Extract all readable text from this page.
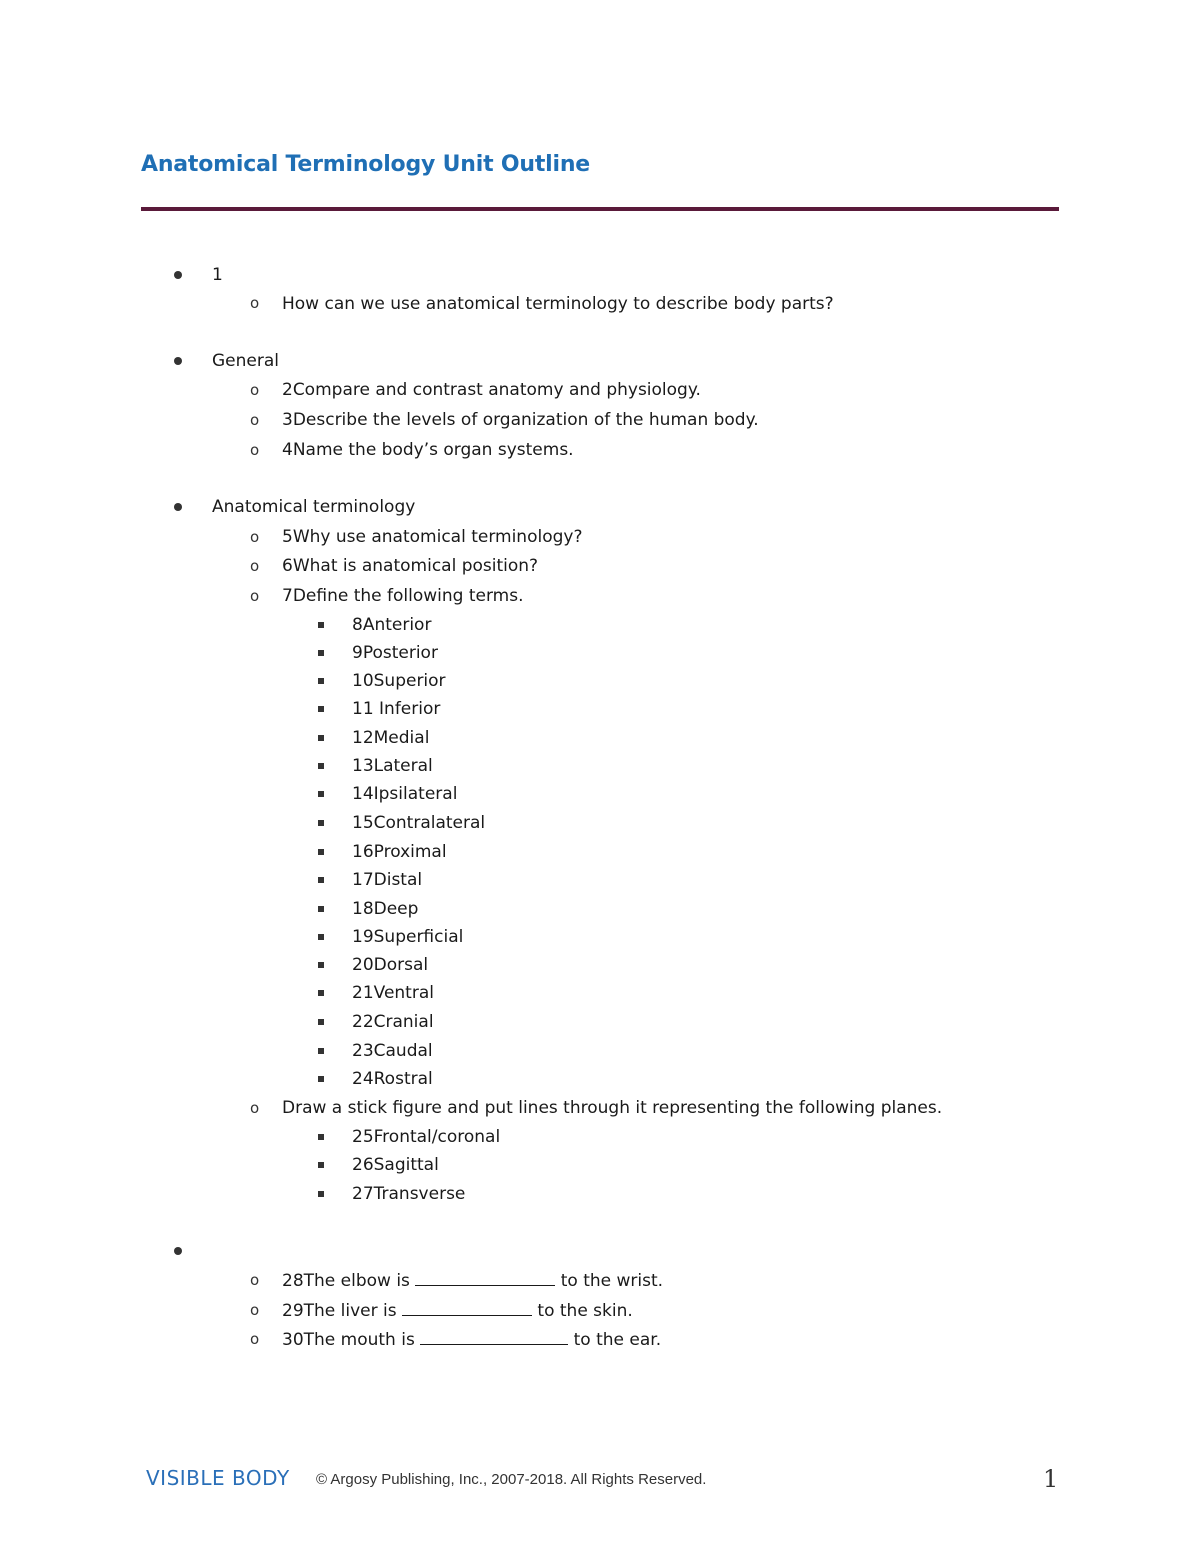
Anatomical Terminology Unit Outline
1
o How can we use anatomical terminology to describe body parts?
General
o 2Compare and contrast anatomy and physiology.
o 3Describe the levels of organization of the human body.
o 4Name the body’s organ systems.
Anatomical terminology
o 5Why use anatomical terminology?
o 6What is anatomical position?
o 7Define the following terms.
8Anterior
9Posterior
10Superior
11 Inferior
12Medial
13Lateral
14Ipsilateral
15Contralateral
16Proximal
17Distal
18Deep
19Superficial
20Dorsal
21Ventral
22Cranial
23Caudal
24Rostral
o Draw a stick figure and put lines through it representing the following planes.
25Frontal/coronal
26Sagittal
27Transverse
o 28The elbow is	to the wrist.
o 29The liver is	to the skin.
o 30The mouth is	to the ear.
VISIBLE BODY © Argosy Publishing, Inc., 2007-2018. All Rights Reserved.	1
